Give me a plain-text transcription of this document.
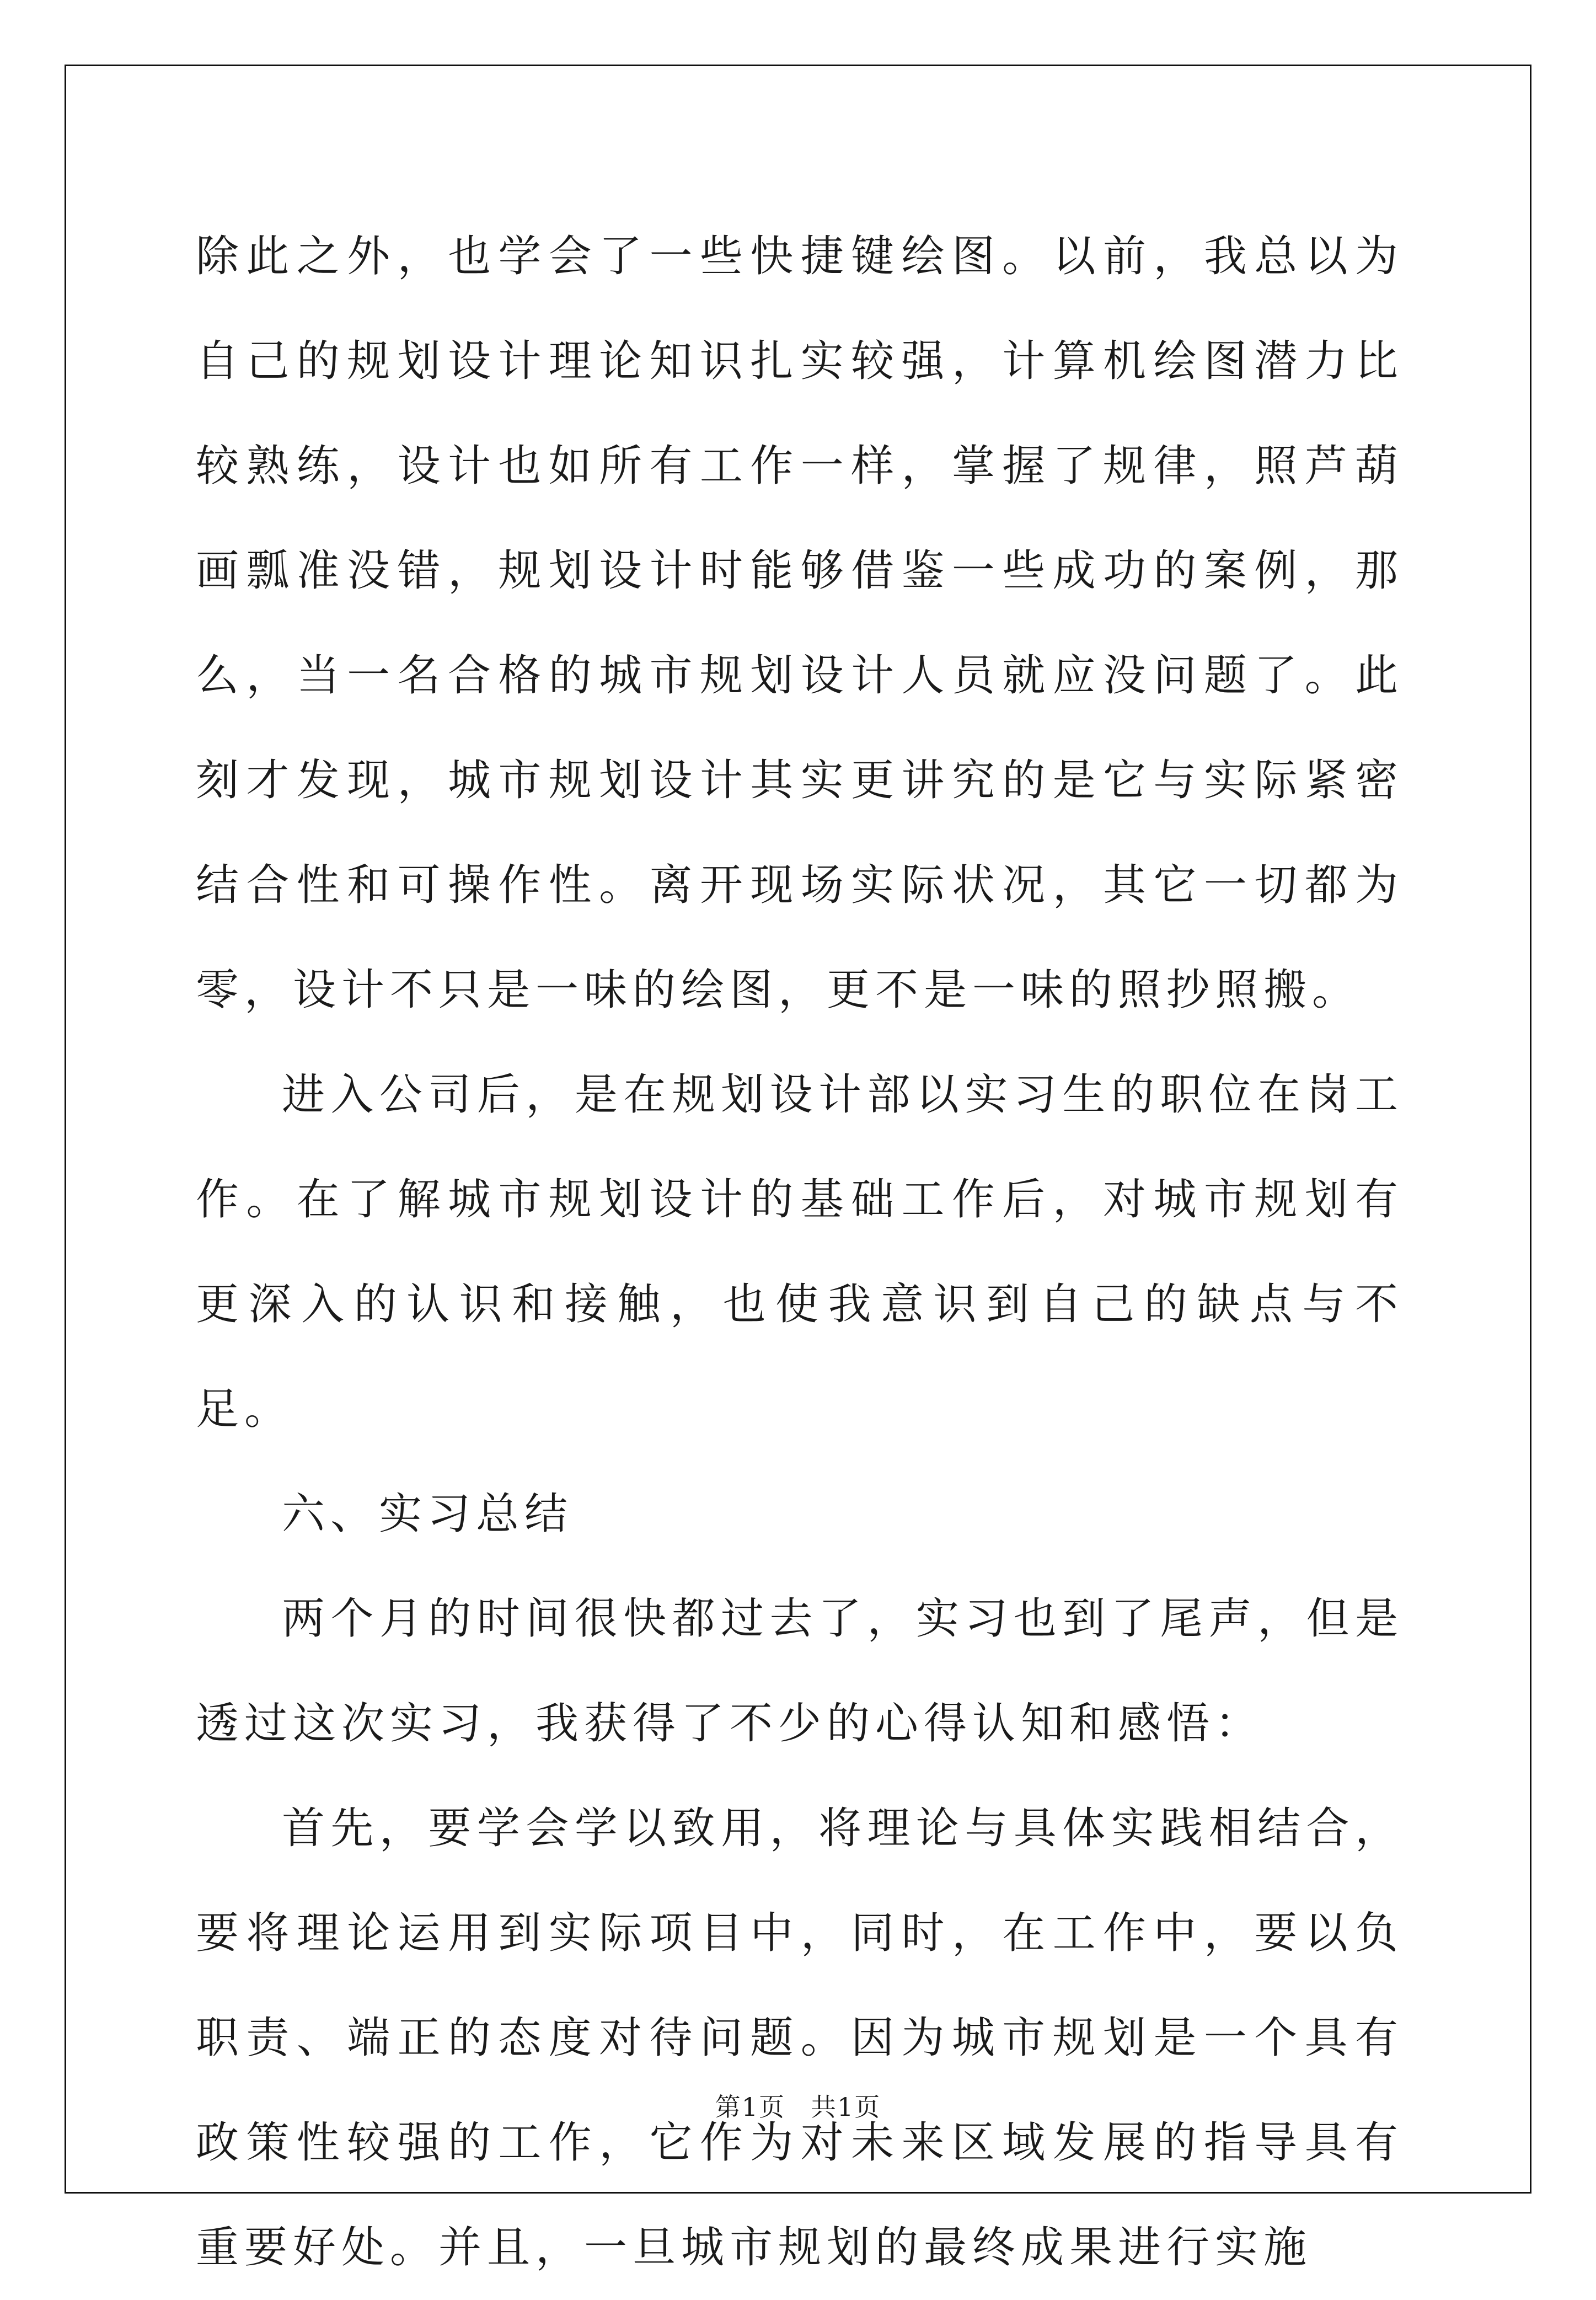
除此之外，也学会了一些快捷键绘图。以前，我总以为自己的规划设计理论知识扎实较强，计算机绘图潜力比较熟练，设计也如所有工作一样，掌握了规律，照芦葫画瓢准没错，规划设计时能够借鉴一些成功的案例，那么，当一名合格的城市规划设计人员就应没问题了。此刻才发现，城市规划设计其实更讲究的是它与实际紧密结合性和可操作性。离开现场实际状况，其它一切都为零，设计不只是一味的绘图，更不是一味的照抄照搬。

进入公司后，是在规划设计部以实习生的职位在岗工作。在了解城市规划设计的基础工作后，对城市规划有更深入的认识和接触，也使我意识到自己的缺点与不足。

六、实习总结

两个月的时间很快都过去了，实习也到了尾声，但是透过这次实习，我获得了不少的心得认知和感悟：

首先，要学会学以致用，将理论与具体实践相结合，要将理论运用到实际项目中，同时，在工作中，要以负职责、端正的态度对待问题。因为城市规划是一个具有政策性较强的工作，它作为对未来区域发展的指导具有重要好处。并且，一旦城市规划的最终成果进行实施

第1页 共1页
